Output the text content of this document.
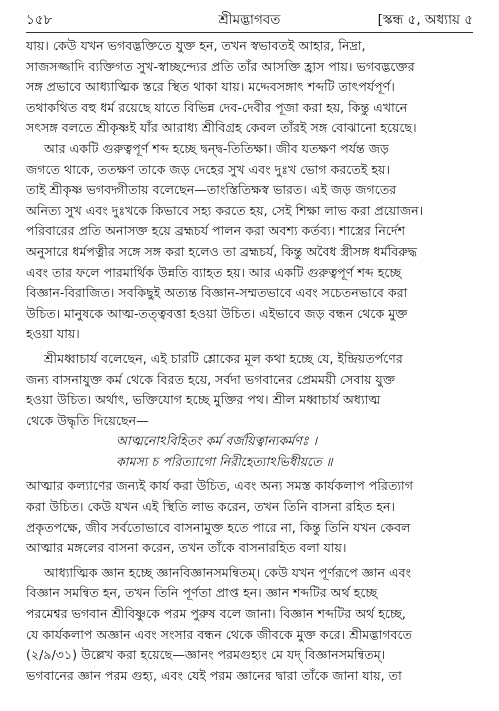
১৫৮	শ্রীমদ্ভাগবত	[স্কন্ধ ৫, অধ্যায় ৫
যায়। কেউ যখন ভগবদ্ভক্তিতে যুক্ত হন, তখন স্বভাবতই আহার, নিদ্রা,
সাজসজ্জাদি ব্যক্তিগত সুখ-স্বাচ্ছন্দ্যের প্রতি তাঁর আসক্তি হ্রাস পায়। ভগবদ্ভক্তের
সঙ্গ প্রভাবে আধ্যাত্মিক স্তরে স্থিত থাকা যায়। মদ্দেবসঙ্গাৎ শব্দটি তাৎপর্যপূর্ণ।
তথাকথিত বহু ধর্ম রয়েছে যাতে বিভিন্ন দেব-দেবীর পূজা করা হয়, কিন্তু এখানে
সৎসঙ্গ বলতে শ্রীকৃষ্ণই যাঁর আরাধ্য শ্রীবিগ্রহ কেবল তাঁরই সঙ্গ বোঝানো হয়েছে।
আর একটি গুরুত্বপূর্ণ শব্দ হচ্ছে দ্বন্দ্ব-তিতিক্ষা। জীব যতক্ষণ পর্যন্ত জড়
জগতে থাকে, ততক্ষণ তাকে জড় দেহের সুখ এবং দুঃখ ভোগ করতেই হয়।
তাই শ্রীকৃষ্ণ ভগবদ্গীতায় বলেছেন—তাংস্তিতিক্ষস্ব ভারত। এই জড় জগতের
অনিত্য সুখ এবং দুঃখকে কিভাবে সহ্য করতে হয়, সেই শিক্ষা লাভ করা প্রয়োজন।
পরিবারের প্রতি অনাসক্ত হয়ে ব্রহ্মচর্য পালন করা অবশ্য কর্তব্য। শাস্ত্রের নির্দেশ
অনুসারে ধর্মপত্নীর সঙ্গে সঙ্গ করা হলেও তা ব্রহ্মচর্য, কিন্তু অবৈধ স্ত্রীসঙ্গ ধর্মবিরুদ্ধ
এবং তার ফলে পারমার্থিক উন্নতি ব্যাহত হয়। আর একটি গুরুত্বপূর্ণ শব্দ হচ্ছে
বিজ্ঞান-বিরাজিত। সবকিছুই অত্যন্ত বিজ্ঞান-সম্মতভাবে এবং সচেতনভাবে করা
উচিত। মানুষকে আত্ম-তত্ত্ববত্তা হওয়া উচিত। এইভাবে জড় বন্ধন থেকে মুক্ত
হওয়া যায়।
শ্রীমধ্বাচার্য বলেছেন, এই চারটি শ্লোকের মূল কথা হচ্ছে যে, ইন্দ্রিয়তর্পণের
জন্য বাসনাযুক্ত কর্ম থেকে বিরত হয়ে, সর্বদা ভগবানের প্রেমময়ী সেবায় যুক্ত
হওয়া উচিত। অর্থাৎ, ভক্তিযোগ হচ্ছে মুক্তির পথ। শ্রীল মধ্বাচার্য অধ্যাত্ম
থেকে উদ্ধৃতি দিয়েছেন—
আত্মনোঽবিহিতং কর্ম বর্জয়িত্বান্যকর্মণঃ ।
কামস্য চ পরিত্যাগো নিরীহেত্যাঽভিধীয়তে ॥
আত্মার কল্যাণের জন্যই কার্য করা উচিত, এবং অন্য সমস্ত কার্যকলাপ পরিত্যাগ
করা উচিত। কেউ যখন এই স্থিতি লাভ করেন, তখন তিনি বাসনা রহিত হন।
প্রকৃতপক্ষে, জীব সর্বতোভাবে বাসনামুক্ত হতে পারে না, কিন্তু তিনি যখন কেবল
আত্মার মঙ্গলের বাসনা করেন, তখন তাঁকে বাসনারহিত বলা যায়।
আধ্যাত্মিক জ্ঞান হচ্ছে জ্ঞানবিজ্ঞানসমন্বিতম্। কেউ যখন পূর্ণরূপে জ্ঞান এবং
বিজ্ঞান সমন্বিত হন, তখন তিনি পূর্ণতা প্রাপ্ত হন। জ্ঞান শব্দটির অর্থ হচ্ছে
পরমেশ্বর ভগবান শ্রীবিষ্ণুকে পরম পুরুষ বলে জানা। বিজ্ঞান শব্দটির অর্থ হচ্ছে,
যে কার্যকলাপ অজ্ঞান এবং সংসার বন্ধন থেকে জীবকে মুক্ত করে। শ্রীমদ্ভাগবতে
(২/৯/৩১) উল্লেখ করা হয়েছে—জ্ঞানং পরমগুহ্যং মে যদ্ বিজ্ঞানসমন্বিতম্।
ভগবানের জ্ঞান পরম গুহ্য, এবং যেই পরম জ্ঞানের দ্বারা তাঁকে জানা যায়, তা
